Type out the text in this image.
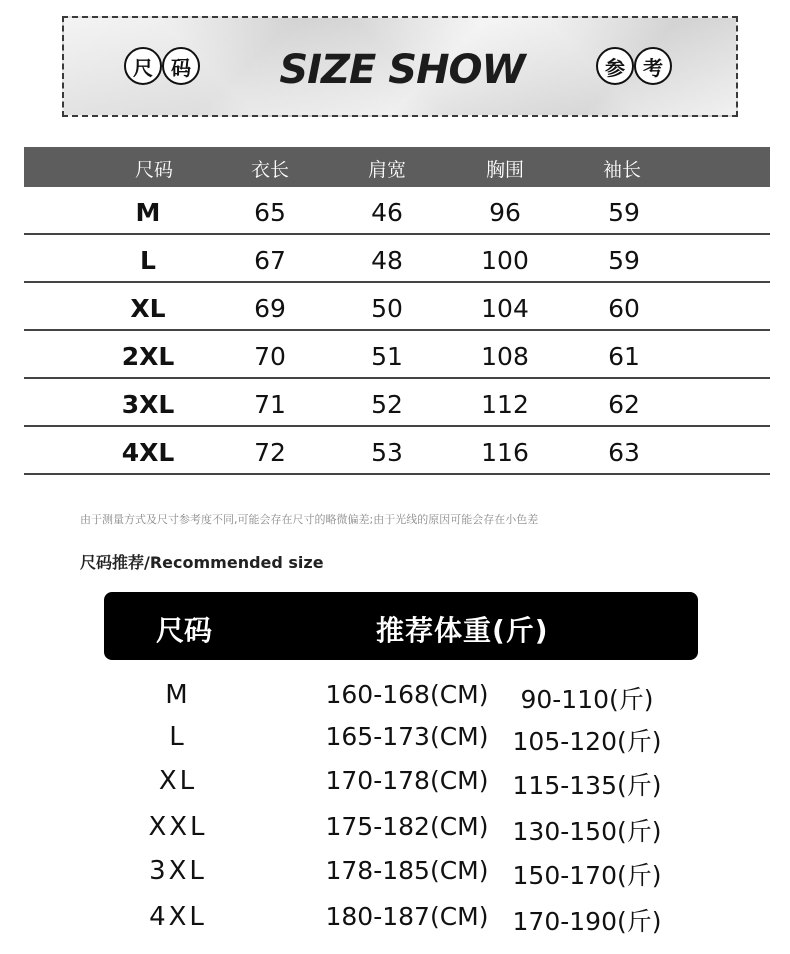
尺 码	SIZE SHOW	参 考
尺码	衣长	肩宽	胸围	袖长
M	65	46	96	59
L	67	48	100	59
XL	69	50	104	60
2XL	70	51	108	61
3XL	71	52	112	62
4XL	72	53	116	63
由于测量方式及尺寸参考度不同,可能会存在尺寸的略微偏差;由于光线的原因可能会存在小色差
尺码推荐/Recommended size
尺码	推荐体重(斤)
M	160-168(CM)	90-110(斤)
L	165-173(CM) 105-120(斤)
XL	170-178(CM) 115-135(斤)
XXL	175-182(CM) 130-150(斤)
3XL	178-185(CM) 150-170(斤)
4XL	180-187(CM) 170-190(斤)
